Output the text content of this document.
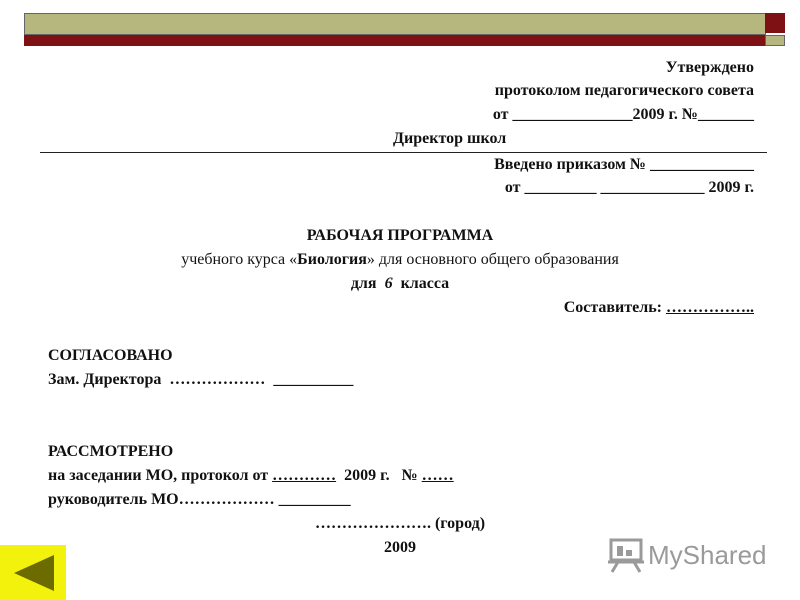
Утверждено
протоколом педагогического совета
от _______________2009 г. №_______
Директор школ
Введено приказом № _____________
от _________ _____________ 2009 г.
РАБОЧАЯ ПРОГРАММА
учебного курса «Биология» для основного общего образования
для  6  класса
Составитель: ……………..
СОГЛАСОВАНО
Зам. Директора  ………………  __________
РАССМОТРЕНО
на заседании МО, протокол от …………  2009 г.   № ……
руководитель МО……………… _________
…………………. (город)
2009	MyShared
